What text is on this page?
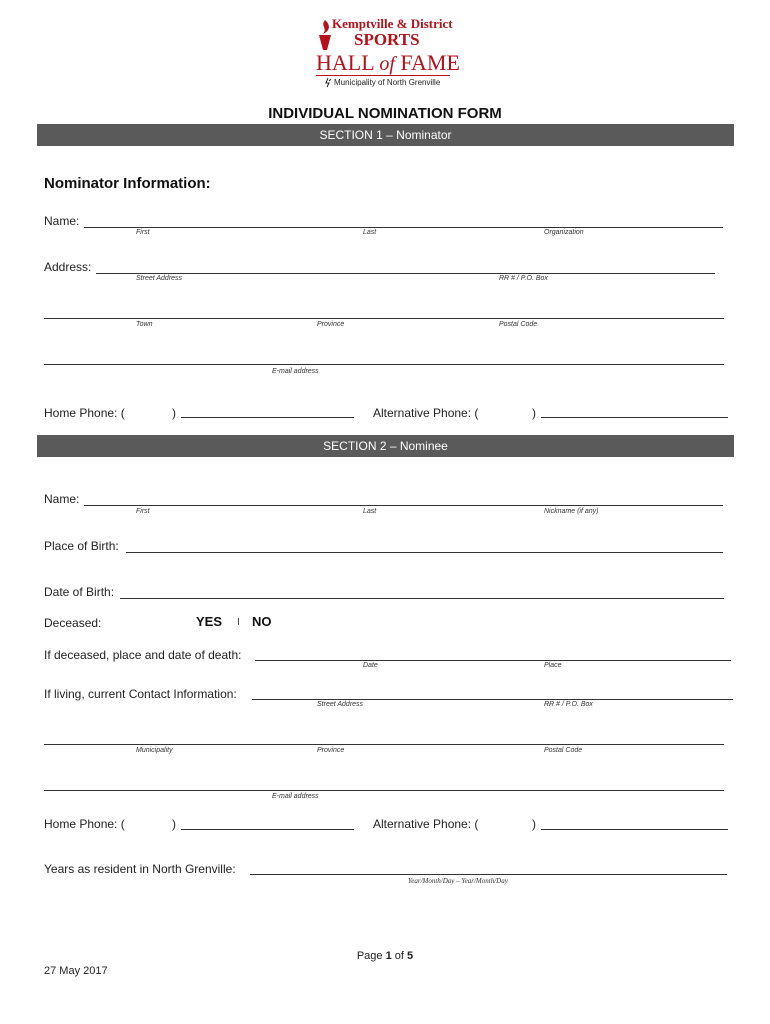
Kemptville & District
SPORTS
HALL of FAME
Municipality of North Grenville
INDIVIDUAL NOMINATION FORM
SECTION 1 – Nominator
Nominator Information:
Name:
First	Last	Organization
Address:
Street Address	RR # / P.O. Box
Town	Province	Postal Code
E-mail address
Home Phone: (	)	Alternative Phone: (	)
SECTION 2 – Nominee
Name:
First	Last	Nickname (if any)
Place of Birth:
Date of Birth:
Deceased:	YES I NO
If deceased, place and date of death:
Date	Place
If living, current Contact Information:
Street Address	RR # / P.O. Box
Municipality	Province	Postal Code
E-mail address
Home Phone: (	)	Alternative Phone: (	)
Years as resident in North Grenville:
Year/Month/Day – Year/Month/Day
Page 1 of 5
27 May 2017
